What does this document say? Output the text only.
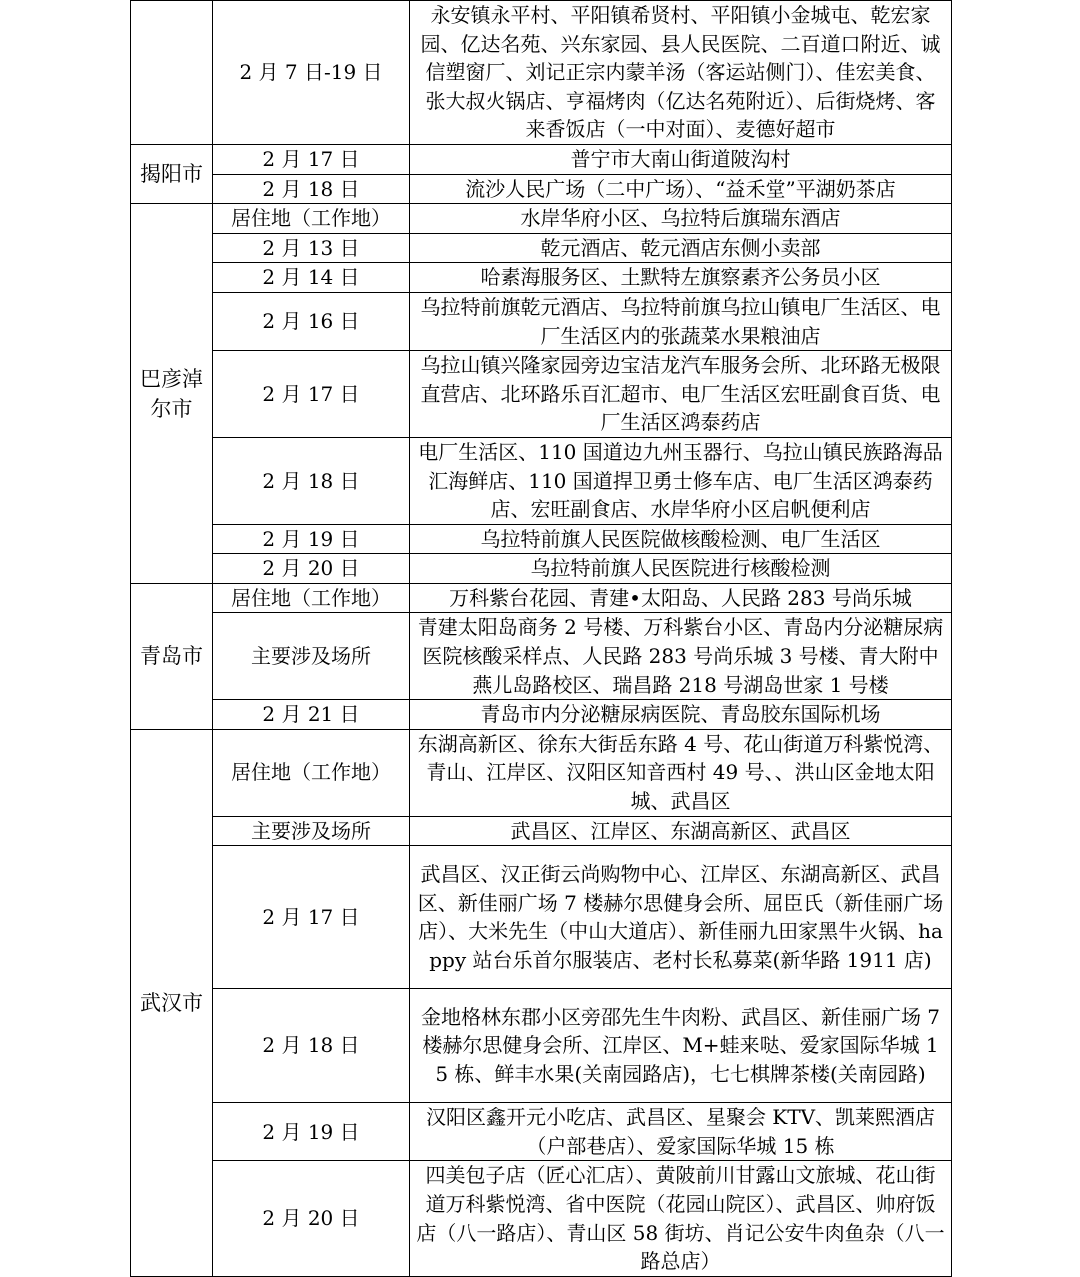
	2 月 7 日-19 日	永安镇永平村、平阳镇希贤村、平阳镇小金城屯、乾宏家园、亿达名苑、兴东家园、县人民医院、二百道口附近、诚信塑窗厂、刘记正宗内蒙羊汤（客运站侧门）、佳宏美食、张大叔火锅店、亨福烤肉（亿达名苑附近）、后街烧烤、客来香饭店（一中对面）、麦德好超市
揭阳市	2 月 17 日	普宁市大南山街道陂沟村
	2 月 18 日	流沙人民广场（二中广场）、“益禾堂”平湖奶茶店
巴彦淖尔市	居住地（工作地）	水岸华府小区、乌拉特后旗瑞东酒店
	2 月 13 日	乾元酒店、乾元酒店东侧小卖部
	2 月 14 日	哈素海服务区、土默特左旗察素齐公务员小区
	2 月 16 日	乌拉特前旗乾元酒店、乌拉特前旗乌拉山镇电厂生活区、电厂生活区内的张蔬菜水果粮油店
	2 月 17 日	乌拉山镇兴隆家园旁边宝洁龙汽车服务会所、北环路无极限直营店、北环路乐百汇超市、电厂生活区宏旺副食百货、电厂生活区鸿泰药店
	2 月 18 日	电厂生活区、110 国道边九州玉器行、乌拉山镇民族路海品汇海鲜店、110 国道捍卫勇士修车店、电厂生活区鸿泰药店、宏旺副食店、水岸华府小区启帆便利店
	2 月 19 日	乌拉特前旗人民医院做核酸检测、电厂生活区
	2 月 20 日	乌拉特前旗人民医院进行核酸检测
青岛市	居住地（工作地）	万科紫台花园、青建•太阳岛、人民路 283 号尚乐城
	主要涉及场所	青建太阳岛商务 2 号楼、万科紫台小区、青岛内分泌糖尿病医院核酸采样点、人民路 283 号尚乐城 3 号楼、青大附中燕儿岛路校区、瑞昌路 218 号湖岛世家 1 号楼
	2 月 21 日	青岛市内分泌糖尿病医院、青岛胶东国际机场
武汉市	居住地（工作地）	东湖高新区、徐东大街岳东路 4 号、花山街道万科紫悦湾、青山、江岸区、汉阳区知音西村 49 号、、洪山区金地太阳城、武昌区
	主要涉及场所	武昌区、江岸区、东湖高新区、武昌区
	2 月 17 日	武昌区、汉正街云尚购物中心、江岸区、东湖高新区、武昌区、新佳丽广场 7 楼赫尔思健身会所、屈臣氏（新佳丽广场店）、大米先生（中山大道店）、新佳丽九田家黑牛火锅、happy 站台乐首尔服装店、老村长私募菜(新华路 1911 店)
	2 月 18 日	金地格林东郡小区旁邵先生牛肉粉、武昌区、新佳丽广场 7 楼赫尔思健身会所、江岸区、M+蛙来哒、爱家国际华城 15 栋、鲜丰水果(关南园路店)，七七棋牌茶楼(关南园路)
	2 月 19 日	汉阳区鑫开元小吃店、武昌区、星聚会 KTV、凯莱熙酒店（户部巷店）、爱家国际华城 15 栋
	2 月 20 日	四美包子店（匠心汇店）、黄陂前川甘露山文旅城、花山街道万科紫悦湾、省中医院（花园山院区）、武昌区、帅府饭店（八一路店）、青山区 58 街坊、肖记公安牛肉鱼杂（八一路总店）
